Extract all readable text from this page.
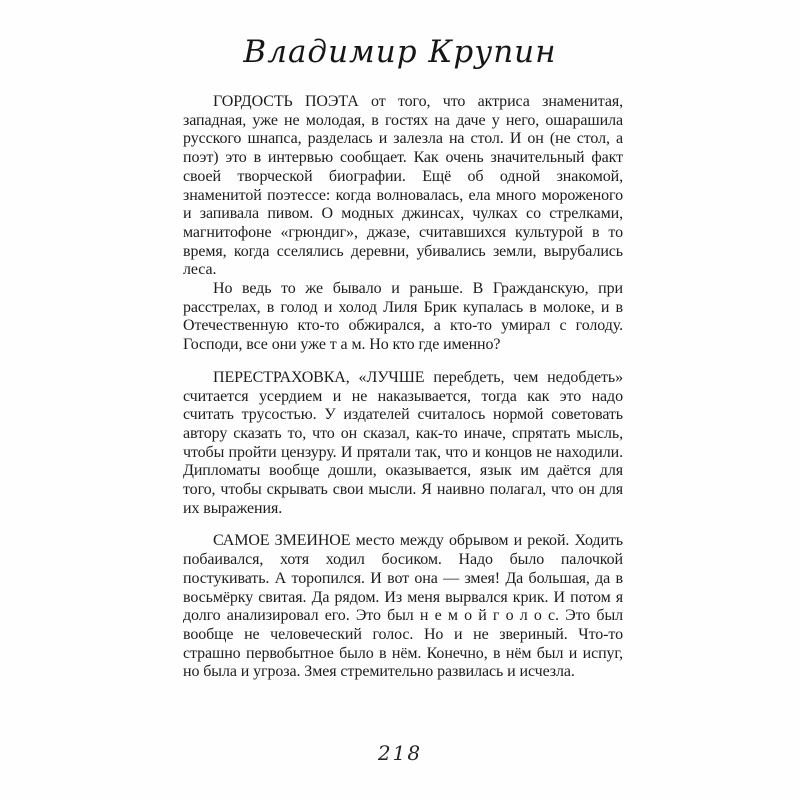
Владимир Крупин

ГОРДОСТЬ ПОЭТА от того, что актриса знаменитая, западная, уже не молодая, в гостях на даче у него, ошарашила русского шнапса, разделась и залезла на стол. И он (не стол, а поэт) это в интервью сообщает. Как очень значительный факт своей творческой биографии. Ещё об одной знакомой, знаменитой поэтессе: когда волновалась, ела много мороженого и запивала пивом. О модных джинсах, чулках со стрелками, магнитофоне «грюндиг», джазе, считавшихся культурой в то время, когда сселялись деревни, убивались земли, вырубались леса.

Но ведь то же бывало и раньше. В Гражданскую, при расстрелах, в голод и холод Лиля Брик купалась в молоке, и в Отечественную кто-то обжирался, а кто-то умирал с голоду. Господи, все они уже т а м. Но кто где именно?

ПЕРЕСТРАХОВКА, «ЛУЧШЕ перебдеть, чем недобдеть» считается усердием и не наказывается, тогда как это надо считать трусостью. У издателей считалось нормой советовать автору сказать то, что он сказал, как-то иначе, спрятать мысль, чтобы пройти цензуру. И прятали так, что и концов не находили. Дипломаты вообще дошли, оказывается, язык им даётся для того, чтобы скрывать свои мысли. Я наивно полагал, что он для их выражения.

САМОЕ ЗМЕИНОЕ место между обрывом и рекой. Ходить побаивался, хотя ходил босиком. Надо было палочкой постукивать. А торопился. И вот она — змея! Да большая, да в восьмёрку свитая. Да рядом. Из меня вырвался крик. И потом я долго анализировал его. Это был н е м о й г о л о с. Это был вообще не человеческий голос. Но и не звериный. Что-то страшно первобытное было в нём. Конечно, в нём был и испуг, но была и угроза. Змея стремительно развилась и исчезла.

218
